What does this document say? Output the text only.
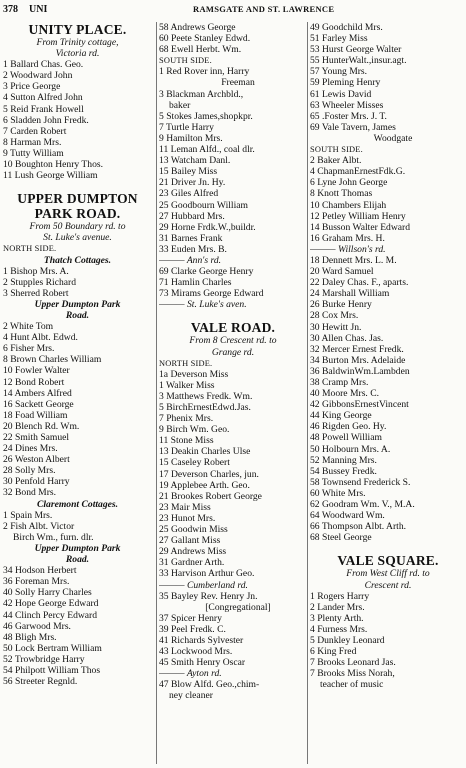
378 UNI	RAMSGATE AND ST. LAWRENCE
UNITY PLACE.
From Trinity cottage,
Victoria rd.
1 Ballard Chas. Geo.
2 Woodward John
3 Price George
4 Sutton Alfred John
5 Reid Frank Howell
6 Sladden John Fredk.
7 Carden Robert
8 Harman Mrs.
9 Tutty William
10 Boughton Henry Thos.
11 Lush George William
UPPER DUMPTON
PARK ROAD.
From 50 Boundary rd. to
St. Luke's avenue.
NORTH SIDE.
Thatch Cottages.
1 Bishop Mrs. A.
2 Stupples Richard
3 Sherred Robert
Upper Dumpton Park
Road.
2 White Tom
4 Hunt Albt. Edwd.
6 Fisher Mrs.
8 Brown Charles William
10 Fowler Walter
12 Bond Robert
14 Ambers Alfred
16 Sackett George
18 Foad William
20 Blench Rd. Wm.
22 Smith Samuel
24 Dines Mrs.
26 Weston Albert
28 Solly Mrs.
30 Penfold Harry
32 Bond Mrs.
Claremont Cottages.
1 Spain Mrs.
2 Fish Albt. Victor
Birch Wm., furn. dlr.
Upper Dumpton Park
Road.
34 Hodson Herbert
36 Foreman Mrs.
40 Solly Harry Charles
42 Hope George Edward
44 Clinch Percy Edward
46 Garwood Mrs.
48 Bligh Mrs.
50 Lock Bertram William
52 Trowbridge Harry
54 Philpott William Thos
56 Streeter Regnld.
58 Andrews George
60 Peete Stanley Edwd.
68 Ewell Herbt. Wm.
SOUTH SIDE.
1 Red Rover inn, Harry
Freeman
3 Blackman Archbld.,
baker
5 Stokes James,shopkpr.
7 Turtle Harry
9 Hamilton Mrs.
11 Leman Alfd., coal dlr.
13 Watcham Danl.
15 Bailey Miss
21 Driver Jn. Hy.
23 Giles Alfred
25 Goodbourn William
27 Hubbard Mrs.
29 Horne Frdk.W.,buildr.
31 Barnes Frank
33 Euden Mrs. B.
——— Ann's rd.
69 Clarke George Henry
71 Hamlin Charles
73 Mirams George Edward
——— St. Luke's aven.
VALE ROAD.
From 8 Crescent rd. to
Grange rd.
NORTH SIDE.
1a Deverson Miss
1 Walker Miss
3 Matthews Fredk. Wm.
5 BirchErnestEdwd.Jas.
7 Phenix Mrs.
9 Birch Wm. Geo.
11 Stone Miss
13 Deakin Charles Ulse
15 Caseley Robert
17 Deverson Charles, jun.
19 Applebee Arth. Geo.
21 Brookes Robert George
23 Mair Miss
23 Hunot Mrs.
25 Goodwin Miss
27 Gallant Miss
29 Andrews Miss
31 Gardner Arth.
33 Harvison Arthur Geo.
——— Cumberland rd.
35 Bayley Rev. Henry Jn.
[Congregational]
37 Spicer Henry
39 Peel Fredk. C.
41 Richards Sylvester
43 Lockwood Mrs.
45 Smith Henry Oscar
——— Ayton rd.
47 Blow Alfd. Geo.,chim-
ney cleaner
49 Goodchild Mrs.
51 Farley Miss
53 Hurst George Walter
55 HunterWalt.,insur.agt.
57 Young Mrs.
59 Pleming Henry
61 Lewis David
63 Wheeler Misses
65 .Foster Mrs. J. T.
69 Vale Tavern, James
Woodgate
SOUTH SIDE.
2 Baker Albt.
4 ChapmanErnestFdk.G.
6 Lyne John George
8 Knott Thomas
10 Chambers Elijah
12 Petley William Henry
14 Busson Walter Edward
16 Graham Mrs. H.
——— Willson's rd.
18 Dennett Mrs. L. M.
20 Ward Samuel
22 Daley Chas. F., aparts.
24 Marshall William
26 Burke Henry
28 Cox Mrs.
30 Hewitt Jn.
30 Allen Chas. Jas.
32 Mercer Ernest Fredk.
34 Burton Mrs. Adelaide
36 BaldwinWm.Lambden
38 Cramp Mrs.
40 Moore Mrs. C.
42 GibbonsErnestVincent
44 King George
46 Rigden Geo. Hy.
48 Powell William
50 Holbourn Mrs. A.
52 Manning Mrs.
54 Bussey Fredk.
58 Townsend Frederick S.
60 White Mrs.
62 Goodram Wm. V., M.A.
64 Woodward Wm.
66 Thompson Albt. Arth.
68 Steel George
VALE SQUARE.
From West Cliff rd. to
Crescent rd.
1 Rogers Harry
2 Lander Mrs.
3 Plenty Arth.
4 Furness Mrs.
5 Dunkley Leonard
6 King Fred
7 Brooks Leonard Jas.
7 Brooks Miss Norah,
teacher of music
